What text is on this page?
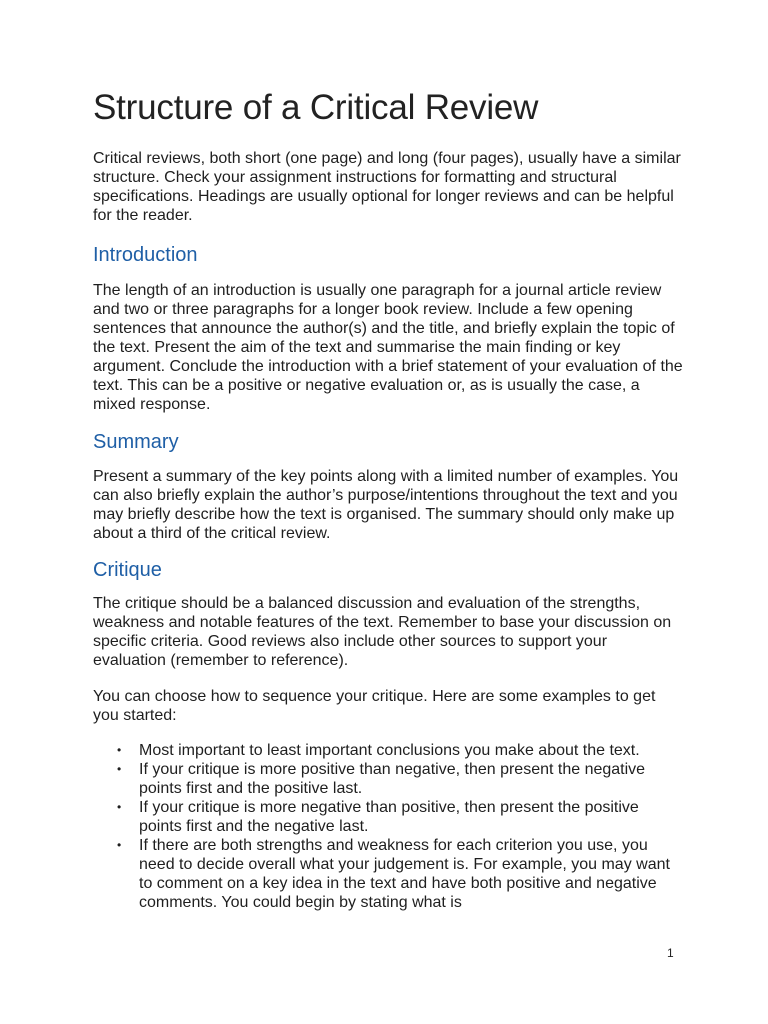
Structure of a Critical Review

Critical reviews, both short (one page) and long (four pages), usually have a similar structure. Check your assignment instructions for formatting and structural specifications. Headings are usually optional for longer reviews and can be helpful for the reader.

Introduction

The length of an introduction is usually one paragraph for a journal article review and two or three paragraphs for a longer book review. Include a few opening sentences that announce the author(s) and the title, and briefly explain the topic of the text. Present the aim of the text and summarise the main finding or key argument. Conclude the introduction with a brief statement of your evaluation of the text. This can be a positive or negative evaluation or, as is usually the case, a mixed response.

Summary

Present a summary of the key points along with a limited number of examples. You can also briefly explain the author’s purpose/intentions throughout the text and you may briefly describe how the text is organised. The summary should only make up about a third of the critical review.

Critique

The critique should be a balanced discussion and evaluation of the strengths, weakness and notable features of the text. Remember to base your discussion on specific criteria. Good reviews also include other sources to support your evaluation (remember to reference).

You can choose how to sequence your critique. Here are some examples to get you started:

• Most important to least important conclusions you make about the text.
• If your critique is more positive than negative, then present the negative points first and the positive last.
• If your critique is more negative than positive, then present the positive points first and the negative last.
• If there are both strengths and weakness for each criterion you use, you need to decide overall what your judgement is. For example, you may want to comment on a key idea in the text and have both positive and negative comments. You could begin by stating what is
1
